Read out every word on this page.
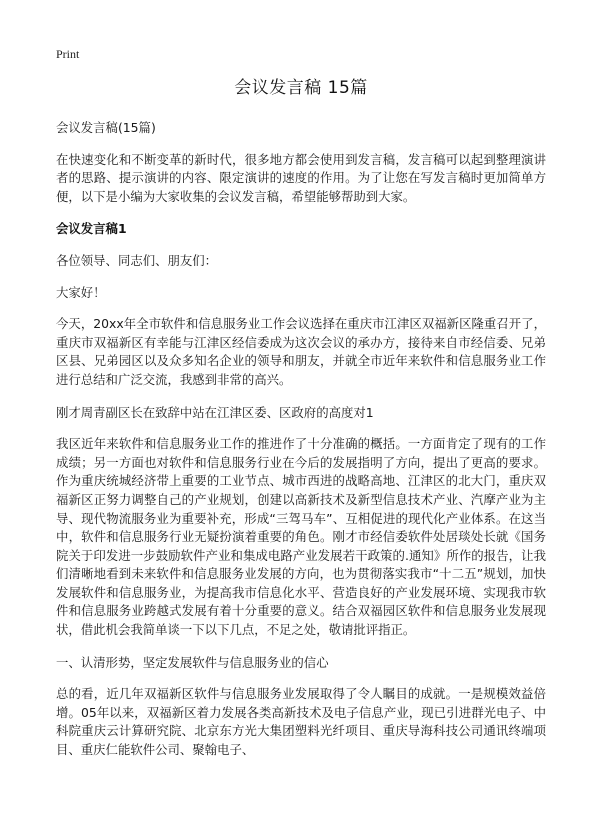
Print
会议发言稿 15篇

会议发言稿(15篇)

在快速变化和不断变革的新时代，很多地方都会使用到发言稿，发言稿可以起到整理演讲者的思路、提示演讲的内容、限定演讲的速度的作用。为了让您在写发言稿时更加简单方便，以下是小编为大家收集的会议发言稿，希望能够帮助到大家。

会议发言稿1

各位领导、同志们、朋友们：

大家好！

今天，20xx年全市软件和信息服务业工作会议选择在重庆市江津区双福新区隆重召开了，重庆市双福新区有幸能与江津区经信委成为这次会议的承办方，接待来自市经信委、兄弟区县、兄弟园区以及众多知名企业的领导和朋友，并就全市近年来软件和信息服务业工作进行总结和广泛交流，我感到非常的高兴。

刚才周青副区长在致辞中站在江津区委、区政府的高度对1

我区近年来软件和信息服务业工作的推进作了十分准确的概括。一方面肯定了现有的工作成绩；另一方面也对软件和信息服务行业在今后的发展指明了方向，提出了更高的要求。作为重庆统城经济带上重要的工业节点、城市西进的战略高地、江津区的北大门，重庆双福新区正努力调整自己的产业规划，创建以高新技术及新型信息技术产业、汽摩产业为主导、现代物流服务业为重要补充，形成“三驾马车”、互相促进的现代化产业体系。在这当中，软件和信息服务行业无疑扮演着重要的角色。刚才市经信委软件处居琰处长就《国务院关于印发进一步鼓励软件产业和集成电路产业发展若干政策的.通知》所作的报告，让我们清晰地看到未来软件和信息服务业发展的方向，也为贯彻落实我市“十二五”规划，加快发展软件和信息服务业，为提高我市信息化水平、营造良好的产业发展环境、实现我市软件和信息服务业跨越式发展有着十分重要的意义。结合双福园区软件和信息服务业发展现状，借此机会我简单谈一下以下几点，不足之处，敬请批评指正。

一、认清形势，坚定发展软件与信息服务业的信心

总的看，近几年双福新区软件与信息服务业发展取得了令人瞩目的成就。一是规模效益倍增。05年以来，双福新区着力发展各类高新技术及电子信息产业，现已引进群光电子、中科院重庆云计算研究院、北京东方光大集团塑料光纤项目、重庆导海科技公司通讯终端项目、重庆仁能软件公司、聚翰电子、
